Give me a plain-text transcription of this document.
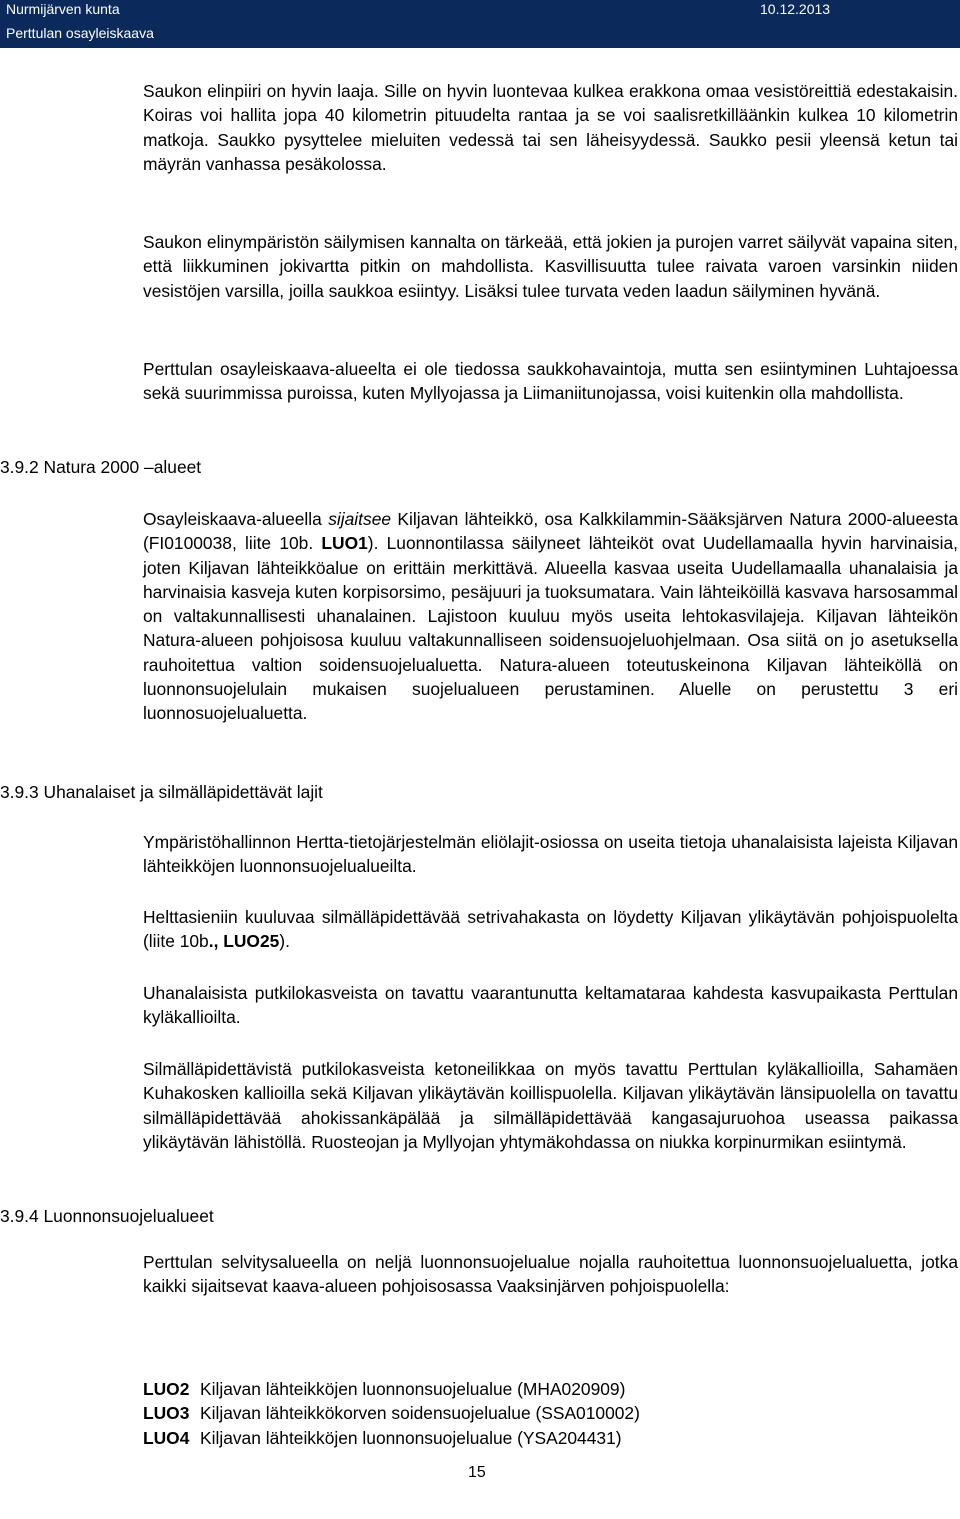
Nurmijärven kunta	10.12.2013
Perttulan osayleiskaava

Saukon elinpiiri on hyvin laaja. Sille on hyvin luontevaa kulkea erakkona omaa vesistöreittiä edestakaisin. Koiras voi hallita jopa 40 kilometrin pituudelta rantaa ja se voi saalisretkilläänkin kulkea 10 kilometrin matkoja. Saukko pysyttelee mieluiten vedessä tai sen läheisyydessä. Saukko pesii yleensä ketun tai mäyrän vanhassa pesäkolossa.

Saukon elinympäristön säilymisen kannalta on tärkeää, että jokien ja purojen varret säilyvät vapaina siten, että liikkuminen jokivartta pitkin on mahdollista. Kasvillisuutta tulee raivata varoen varsinkin niiden vesistöjen varsilla, joilla saukkoa esiintyy. Lisäksi tulee turvata veden laadun säilyminen hyvänä.

Perttulan osayleiskaava-alueelta ei ole tiedossa saukkohavaintoja, mutta sen esiintyminen Luhtajoessa sekä suurimmissa puroissa, kuten Myllyojassa ja Liimaniitunojassa, voisi kuitenkin olla mahdollista.

3.9.2 Natura 2000 –alueet

Osayleiskaava-alueella sijaitsee Kiljavan lähteikkö, osa Kalkkilammin-Sääksjärven Natura 2000-alueesta (FI0100038, liite 10b. LUO1). Luonnontilassa säilyneet lähteiköt ovat Uudellamaalla hyvin harvinaisia, joten Kiljavan lähteikköalue on erittäin merkittävä. Alueella kasvaa useita Uudellamaalla uhanalaisia ja harvinaisia kasveja kuten korpisorsimo, pesäjuuri ja tuoksumatara. Vain lähteiköillä kasvava harsosammal on valtakunnallisesti uhanalainen. Lajistoon kuuluu myös useita lehtokasvilajeja. Kiljavan lähteikön Natura-alueen pohjoisosa kuuluu valtakunnalliseen soidensuojeluohjelmaan. Osa siitä on jo asetuksella rauhoitettua valtion soidensuojelualuetta. Natura-alueen toteutuskeinona Kiljavan lähteiköllä on luonnonsuojelulain mukaisen suojelualueen perustaminen. Aluelle on perustettu 3 eri luonnosuojelualuetta.

3.9.3 Uhanalaiset ja silmälläpidettävät lajit

Ympäristöhallinnon Hertta-tietojärjestelmän eliölajit-osiossa on useita tietoja uhanalaisista lajeista Kiljavan lähteikköjen luonnonsuojelualueilta.

Helttasieniin kuuluvaa silmälläpidettävää setrivahakasta on löydetty Kiljavan ylikäytävän pohjoispuolelta (liite 10b., LUO25).

Uhanalaisista putkilokasveista on tavattu vaarantunutta keltamataraa kahdesta kasvupaikasta Perttulan kyläkallioilta.

Silmälläpidettävistä putkilokasveista ketoneilikkaa on myös tavattu Perttulan kyläkallioilla, Sahamäen Kuhakosken kallioilla sekä Kiljavan ylikäytävän koillispuolella. Kiljavan ylikäytävän länsipuolella on tavattu silmälläpidettävää ahokissankäpälää ja silmälläpidettävää kangasajuruohoa useassa paikassa ylikäytävän lähistöllä. Ruosteojan ja Myllyojan yhtymäkohdassa on niukka korpinurmikan esiintymä.

3.9.4 Luonnonsuojelualueet

Perttulan selvitysalueella on neljä luonnonsuojelualue nojalla rauhoitettua luonnonsuojelualuetta, jotka kaikki sijaitsevat kaava-alueen pohjoisosassa Vaaksinjärven pohjoispuolella:

LUO2 Kiljavan lähteikköjen luonnonsuojelualue (MHA020909)
LUO3 Kiljavan lähteikkökorven soidensuojelualue (SSA010002)
LUO4 Kiljavan lähteikköjen luonnonsuojelualue (YSA204431)
15
